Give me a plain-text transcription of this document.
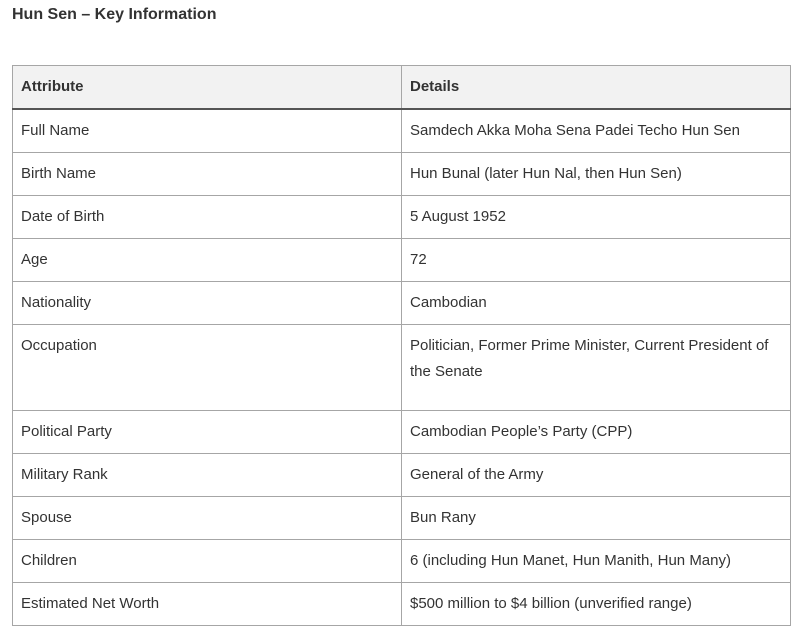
Hun Sen – Key Information
Attribute	Details
Full Name	Samdech Akka Moha Sena Padei Techo Hun Sen
Birth Name	Hun Bunal (later Hun Nal, then Hun Sen)
Date of Birth	5 August 1952
Age	72
Nationality	Cambodian
Occupation	Politician, Former Prime Minister, Current President of the Senate
Political Party	Cambodian People’s Party (CPP)
Military Rank	General of the Army
Spouse	Bun Rany
Children	6 (including Hun Manet, Hun Manith, Hun Many)
Estimated Net Worth	$500 million to $4 billion (unverified range)
